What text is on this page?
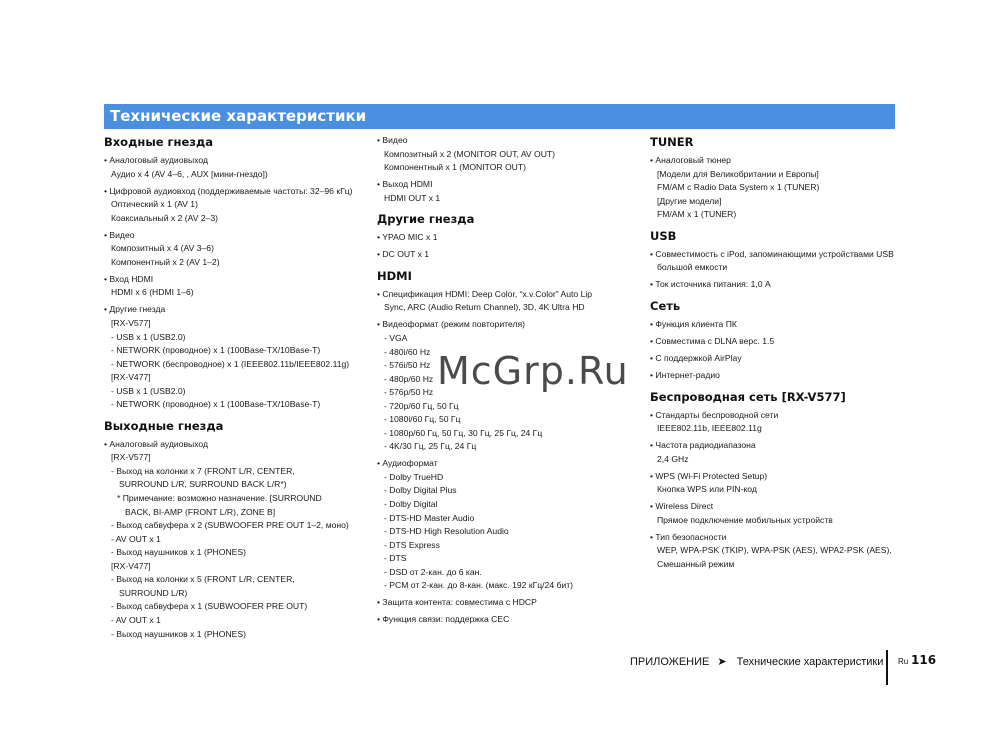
Технические характеристики
Входные гнезда
• Аналоговый аудиовыход
Аудио x 4 (AV 4–6, , AUX [мини-гнездо])
• Цифровой аудиовход (поддерживаемые частоты: 32–96 кГц)
Оптический x 1 (AV 1)
Коаксиальный x 2 (AV 2–3)
• Видео
Композитный x 4 (AV 3–6)
Компонентный x 2 (AV 1–2)
• Вход HDMI
HDMI x 6 (HDMI 1–6)
• Другие гнезда
[RX-V577]
- USB x 1 (USB2.0)
- NETWORK (проводное) x 1 (100Base-TX/10Base-T)
- NETWORK (беспроводное) x 1 (IEEE802.11b/IEEE802.11g)
[RX-V477]
- USB x 1 (USB2.0)
- NETWORK (проводное) x 1 (100Base-TX/10Base-T)
Выходные гнезда
• Аналоговый аудиовыход
[RX-V577]
- Выход на колонки x 7 (FRONT L/R, CENTER,
SURROUND L/R, SURROUND BACK L/R*)
* Примечание: возможно назначение. [SURROUND
BACK, BI-AMP (FRONT L/R), ZONE B]
- Выход сабвуфера x 2 (SUBWOOFER PRE OUT 1–2, моно)
- AV OUT x 1
- Выход наушников x 1 (PHONES)
[RX-V477]
- Выход на колонки x 5 (FRONT L/R, CENTER,
SURROUND L/R)
- Выход сабвуфера x 1 (SUBWOOFER PRE OUT)
- AV OUT x 1
- Выход наушников x 1 (PHONES)
• Видео
Композитный x 2 (MONITOR OUT, AV OUT)
Компонентный x 1 (MONITOR OUT)
• Выход HDMI
HDMI OUT x 1
Другие гнезда
• YPAO MIC x 1
• DC OUT x 1
HDMI
• Спецификация HDMI: Deep Color, “x.v.Color” Auto Lip
Sync, ARC (Audio Return Channel), 3D, 4K Ultra HD
• Видеоформат (режим повторителя)
- VGA
- 480i/60 Hz
- 576i/50 Hz
- 480p/60 Hz
- 576p/50 Hz
- 720p/60 Гц, 50 Гц
- 1080i/60 Гц, 50 Гц
- 1080p/60 Гц, 50 Гц, 30 Гц, 25 Гц, 24 Гц
- 4K/30 Гц, 25 Гц, 24 Гц
• Аудиоформат
- Dolby TrueHD
- Dolby Digital Plus
- Dolby Digital
- DTS-HD Master Audio
- DTS-HD High Resolution Audio
- DTS Express
- DTS
- DSD от 2-кан. до 6 кан.
- PCM от 2-кан. до 8-кан. (макс. 192 кГц/24 бит)
• Защита контента: совместима с HDCP
• Функция связи: поддержка CEC
TUNER
• Аналоговый тюнер
[Модели для Великобритании и Европы]
FM/AM с Radio Data System x 1 (TUNER)
[Другие модели]
FM/AM x 1 (TUNER)
USB
• Совместимость с iPod, запоминающими устройствами USB
большой емкости
• Ток источника питания: 1,0 A
Сеть
• Функция клиента ПК
• Совместима с DLNA верс. 1.5
• С поддержкой AirPlay
• Интернет-радио
Беспроводная сеть [RX-V577]
• Стандарты беспроводной сети
IEEE802.11b, IEEE802.11g
• Частота радиодиапазона
2,4 GHz
• WPS (Wi-Fi Protected Setup)
Кнопка WPS или PIN-код
• Wireless Direct
Прямое подключение мобильных устройств
• Тип безопасности
WEP, WPA-PSK (TKIP), WPA-PSK (AES), WPA2-PSK (AES),
Смешанный режим
McGrp.Ru
ПРИЛОЖЕНИЕ ➤ Технические характеристики Ru 116
